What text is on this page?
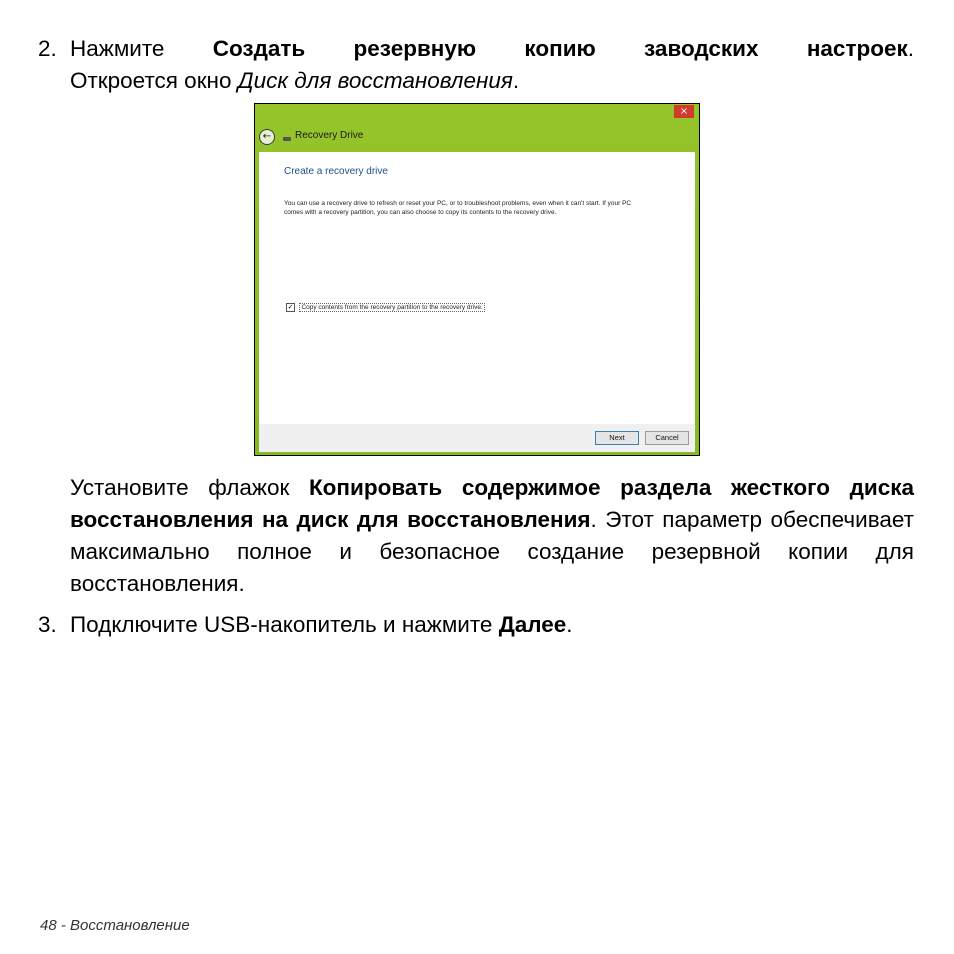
2. Нажмите Создать резервную копию заводских настроек.
Откроется окно Диск для восстановления.
×
←	Recovery Drive
Create a recovery drive
You can use a recovery drive to refresh or reset your PC, or to troubleshoot problems, even when it can't start. If your PC comes with a recovery partition, you can also choose to copy its contents to the recovery drive.
✓ Copy contents from the recovery partition to the recovery drive.
Next	Cancel
Установите флажок Копировать содержимое раздела жесткого диска восстановления на диск для восстановления. Этот параметр обеспечивает максимально полное и безопасное создание резервной копии для восстановления.
3. Подключите USB-накопитель и нажмите Далее.
48 - Восстановление
